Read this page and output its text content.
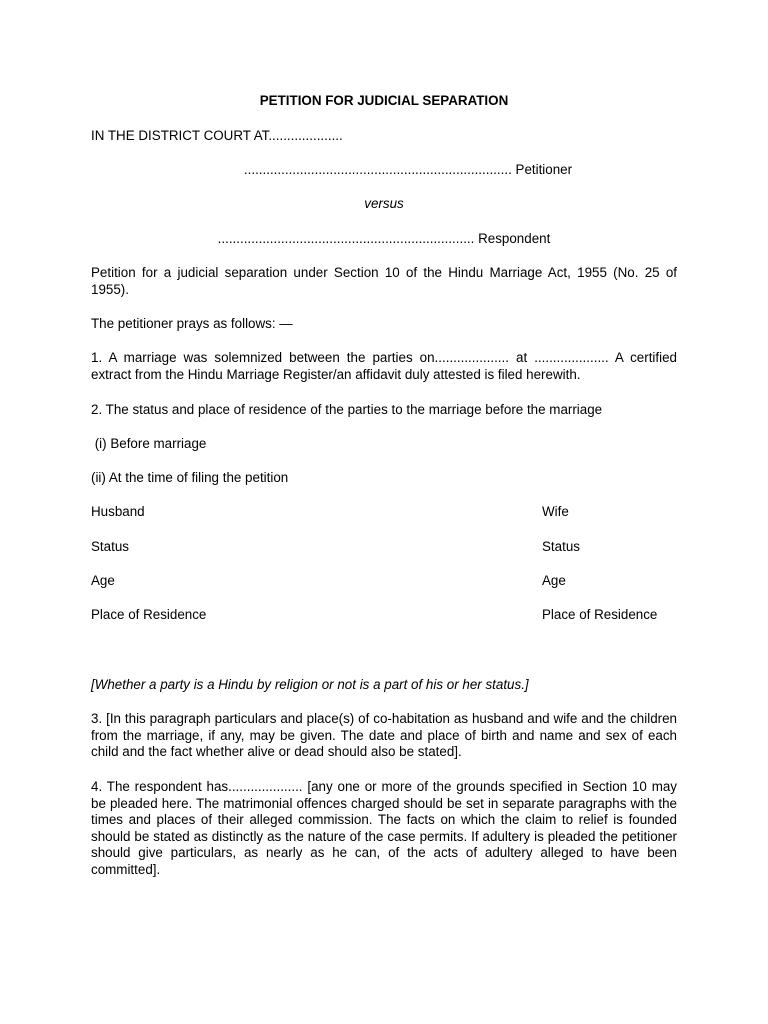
PETITION FOR JUDICIAL SEPARATION
IN THE DISTRICT COURT AT....................
........................................................................ Petitioner
versus
..................................................................... Respondent
Petition for a judicial separation under Section 10 of the Hindu Marriage Act, 1955 (No. 25 of 1955).
The petitioner prays as follows: —
1. A marriage was solemnized between the parties on.................... at .................... A certified extract from the Hindu Marriage Register/an affidavit duly attested is filed herewith.
2. The status and place of residence of the parties to the marriage before the marriage
(i) Before marriage
(ii) At the time of filing the petition
Husband	Wife
Status	Status
Age	Age
Place of Residence	Place of Residence
[Whether a party is a Hindu by religion or not is a part of his or her status.]
3. [In this paragraph particulars and place(s) of co-habitation as husband and wife and the children from the marriage, if any, may be given. The date and place of birth and name and sex of each child and the fact whether alive or dead should also be stated].
4. The respondent has.................... [any one or more of the grounds specified in Section 10 may be pleaded here. The matrimonial offences charged should be set in separate paragraphs with the times and places of their alleged commission. The facts on which the claim to relief is founded should be stated as distinctly as the nature of the case permits. If adultery is pleaded the petitioner should give particulars, as nearly as he can, of the acts of adultery alleged to have been committed].
